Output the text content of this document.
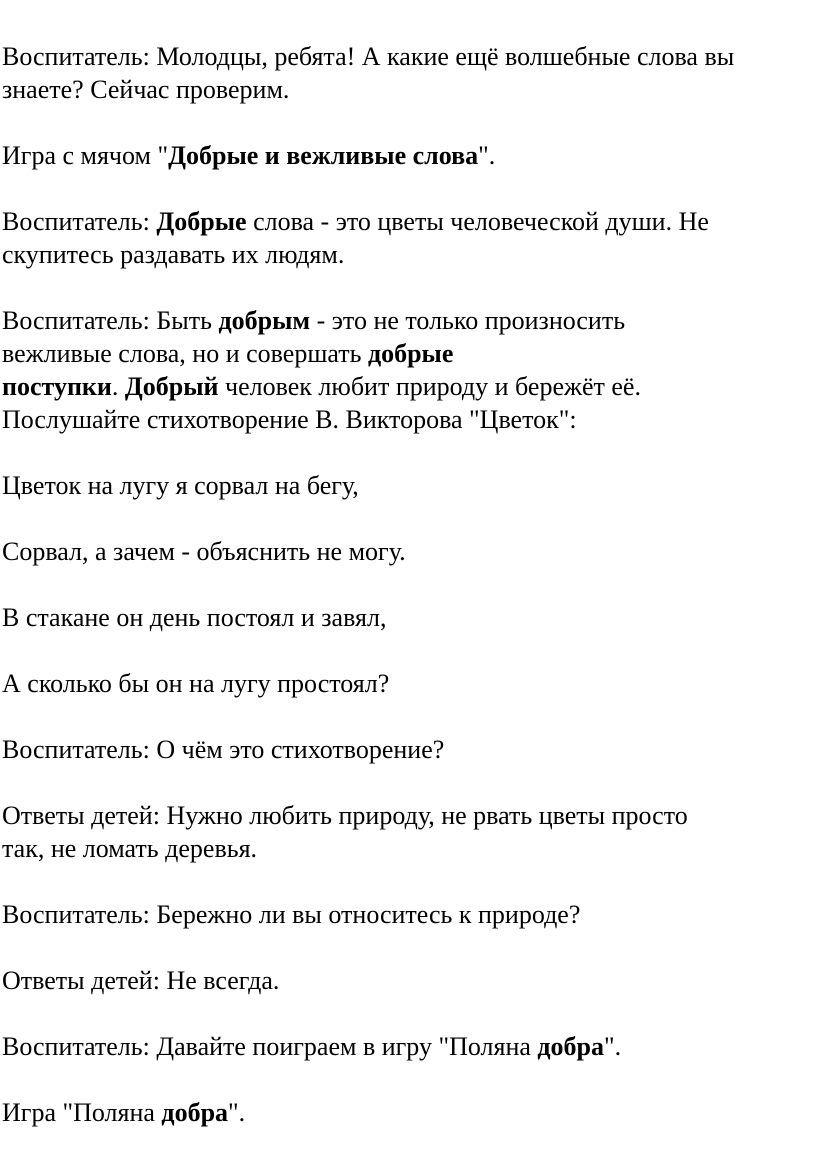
Воспитатель: Молодцы, ребята! А какие ещё волшебные слова вы
знаете? Сейчас проверим.
Игра с мячом "Добрые и вежливые слова".
Воспитатель: Добрые слова - это цветы человеческой души. Не
скупитесь раздавать их людям.
Воспитатель: Быть добрым - это не только произносить
вежливые слова, но и совершать добрые
поступки. Добрый человек любит природу и бережёт её.
Послушайте стихотворение В. Викторова "Цветок":
Цветок на лугу я сорвал на бегу,
Сорвал, а зачем - объяснить не могу.
В стакане он день постоял и завял,
А сколько бы он на лугу простоял?
Воспитатель: О чём это стихотворение?
Ответы детей: Нужно любить природу, не рвать цветы просто
так, не ломать деревья.
Воспитатель: Бережно ли вы относитесь к природе?
Ответы детей: Не всегда.
Воспитатель: Давайте поиграем в игру "Поляна добра".
Игра "Поляна добра".
